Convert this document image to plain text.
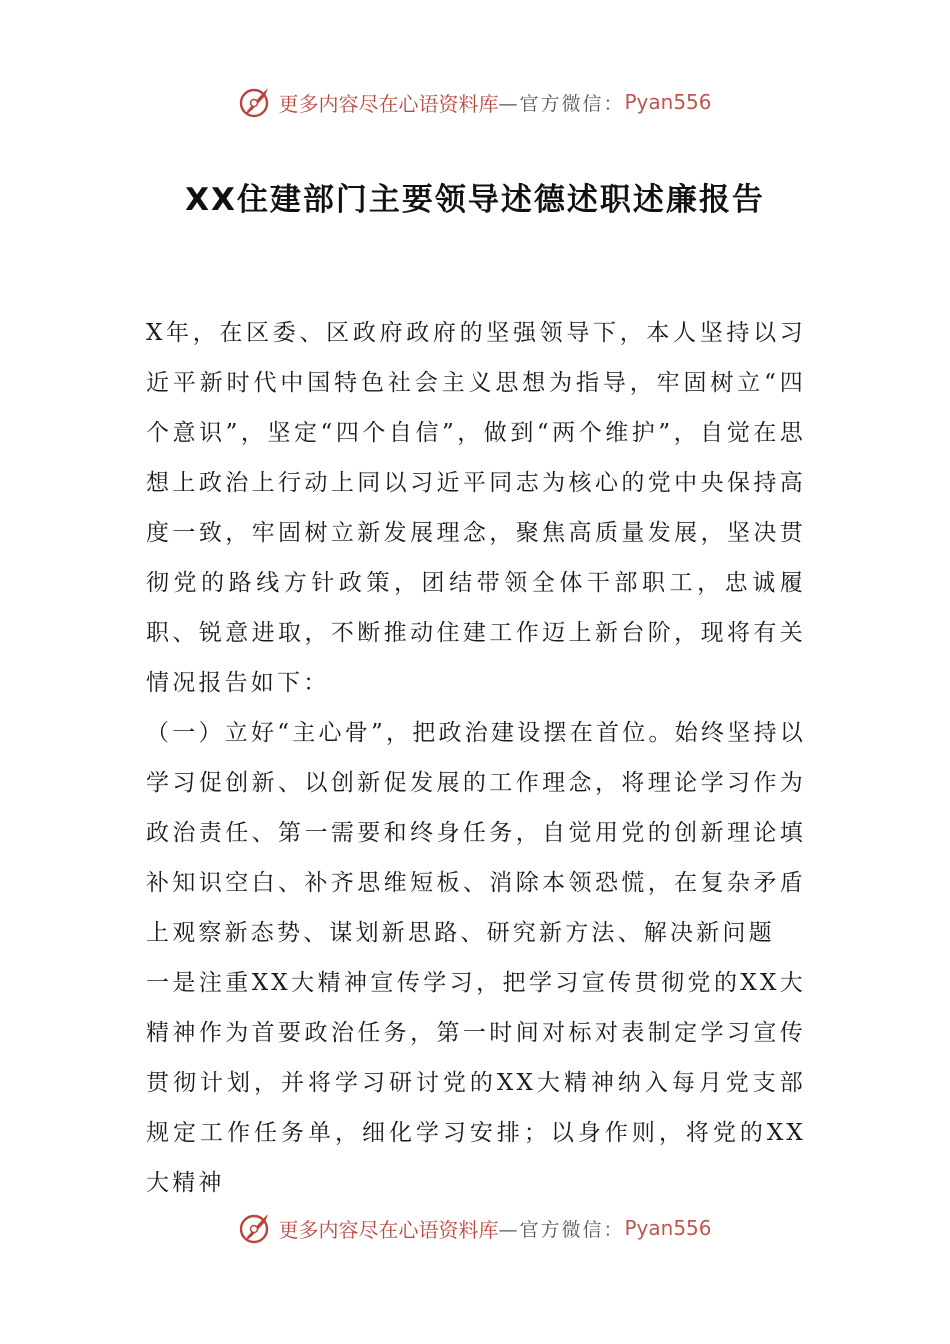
更多内容尽在心语资料库 —官方微信： Pyan556
XX住建部门主要领导述德述职述廉报告

X年，在区委、区政府政府的坚强领导下，本人坚持以习近平新时代中国特色社会主义思想为指导，牢固树立“四个意识”，坚定“四个自信”，做到“两个维护”，自觉在思想上政治上行动上同以习近平同志为核心的党中央保持高度一致，牢固树立新发展理念，聚焦高质量发展，坚决贯彻党的路线方针政策，团结带领全体干部职工，忠诚履职、锐意进取，不断推动住建工作迈上新台阶，现将有关情况报告如下：

（一）立好“主心骨”，把政治建设摆在首位。始终坚持以学习促创新、以创新促发展的工作理念，将理论学习作为政治责任、第一需要和终身任务，自觉用党的创新理论填补知识空白、补齐思维短板、消除本领恐慌，在复杂矛盾上观察新态势、谋划新思路、研究新方法、解决新问题

一是注重XX大精神宣传学习，把学习宣传贯彻党的XX大精神作为首要政治任务，第一时间对标对表制定学习宣传贯彻计划，并将学习研讨党的XX大精神纳入每月党支部规定工作任务单，细化学习安排；以身作则，将党的XX大精神

更多内容尽在心语资料库 —官方微信： Pyan556
